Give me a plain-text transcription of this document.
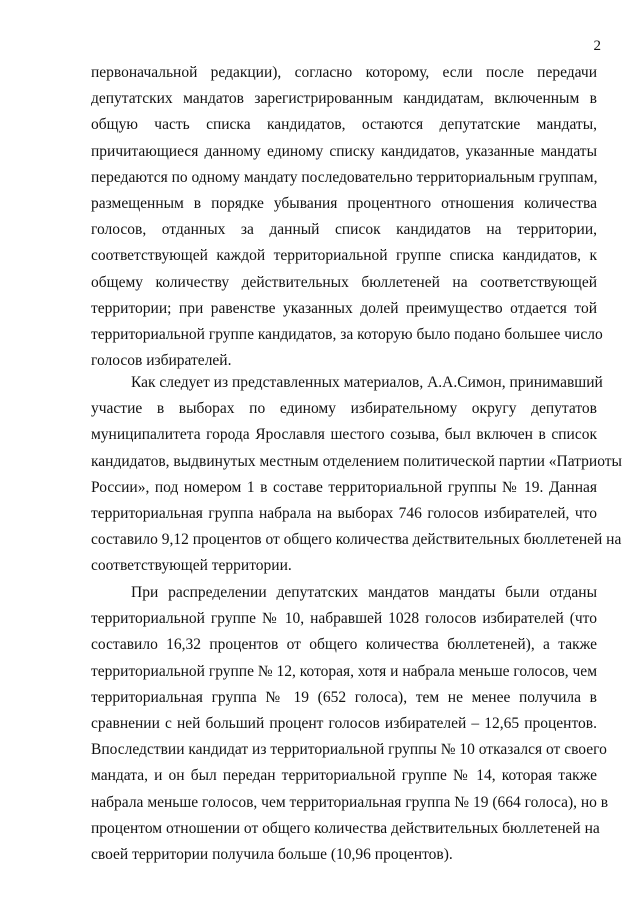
2
первоначальной редакции), согласно которому, если после передачи
депутатских мандатов зарегистрированным кандидатам, включенным в
общую часть списка кандидатов, остаются депутатские мандаты,
причитающиеся данному единому списку кандидатов, указанные мандаты
передаются по одному мандату последовательно территориальным группам,
размещенным в порядке убывания процентного отношения количества
голосов, отданных за данный список кандидатов на территории,
соответствующей каждой территориальной группе списка кандидатов, к
общему количеству действительных бюллетеней на соответствующей
территории; при равенстве указанных долей преимущество отдается той
территориальной группе кандидатов, за которую было подано большее число
голосов избирателей.
Как следует из представленных материалов, А.А.Симон, принимавший
участие в выборах по единому избирательному округу депутатов
муниципалитета города Ярославля шестого созыва, был включен в список
кандидатов, выдвинутых местным отделением политической партии «Патриоты
России», под номером 1 в составе территориальной группы № 19. Данная
территориальная группа набрала на выборах 746 голосов избирателей, что
составило 9,12 процентов от общего количества действительных бюллетеней на
соответствующей территории.
При распределении депутатских мандатов мандаты были отданы
территориальной группе № 10, набравшей 1028 голосов избирателей (что
составило 16,32 процентов от общего количества бюллетеней), а также
территориальной группе № 12, которая, хотя и набрала меньше голосов, чем
территориальная группа № 19 (652 голоса), тем не менее получила в
сравнении с ней больший процент голосов избирателей – 12,65 процентов.
Впоследствии кандидат из территориальной группы № 10 отказался от своего
мандата, и он был передан территориальной группе № 14, которая также
набрала меньше голосов, чем территориальная группа № 19 (664 голоса), но в
процентом отношении от общего количества действительных бюллетеней на
своей территории получила больше (10,96 процентов).
